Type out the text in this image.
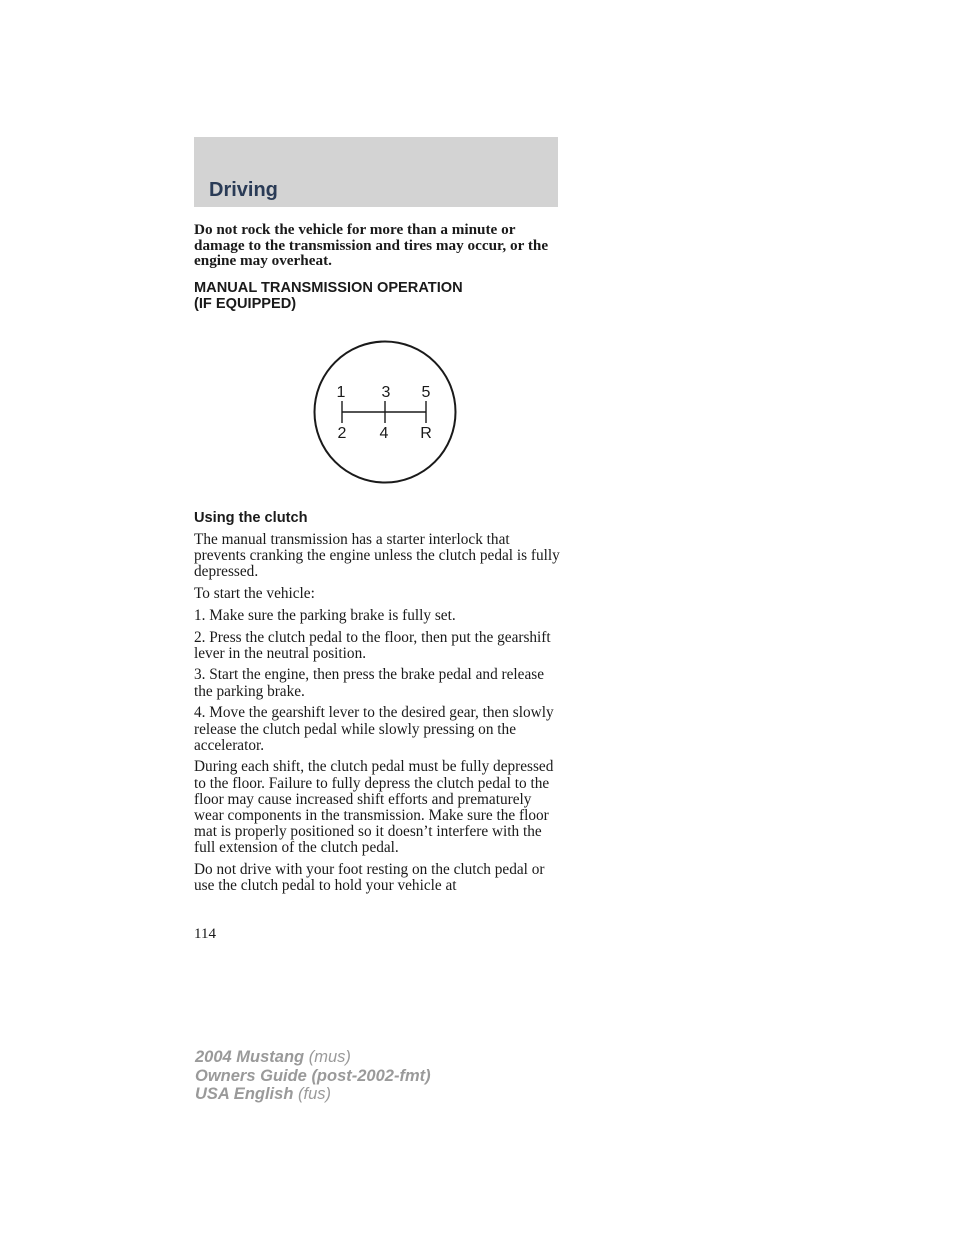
Driving

Do not rock the vehicle for more than a minute or damage to the transmission and tires may occur, or the engine may overheat.

MANUAL TRANSMISSION OPERATION
(IF EQUIPPED)
1 3 5
2 4 R
Using the clutch

The manual transmission has a starter interlock that prevents cranking the engine unless the clutch pedal is fully depressed.

To start the vehicle:

1. Make sure the parking brake is fully set.

2. Press the clutch pedal to the floor, then put the gearshift lever in the neutral position.

3. Start the engine, then press the brake pedal and release the parking brake.

4. Move the gearshift lever to the desired gear, then slowly release the clutch pedal while slowly pressing on the accelerator.

During each shift, the clutch pedal must be fully depressed to the floor. Failure to fully depress the clutch pedal to the floor may cause increased shift efforts and prematurely wear components in the transmission. Make sure the floor mat is properly positioned so it doesn’t interfere with the full extension of the clutch pedal.

Do not drive with your foot resting on the clutch pedal or use the clutch pedal to hold your vehicle at

114

2004 Mustang (mus)
Owners Guide (post-2002-fmt)
USA English (fus)
